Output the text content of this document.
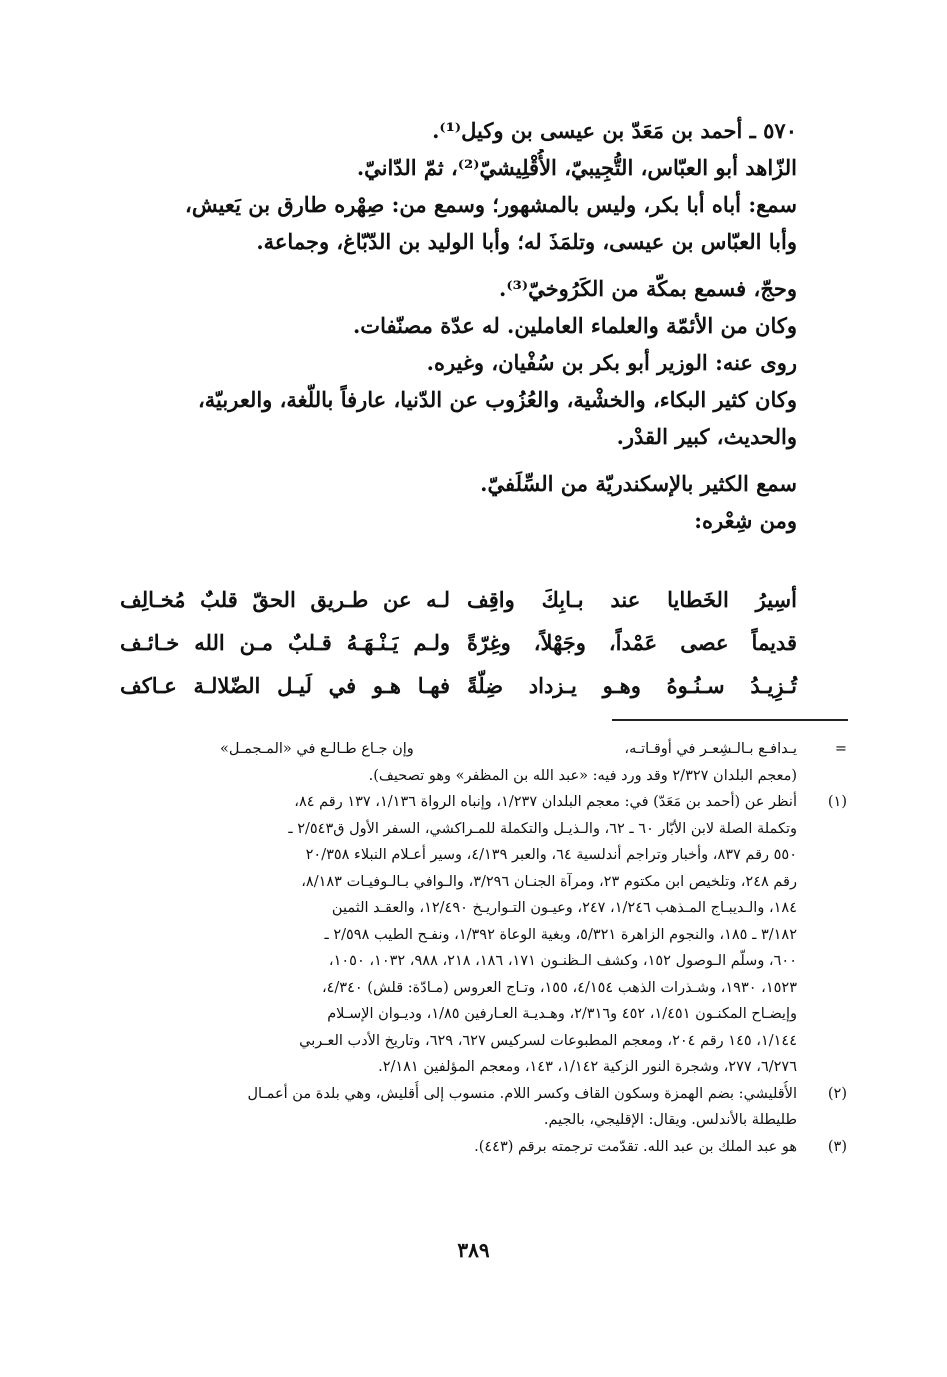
٥٧٠ ـ أحمد بن مَعَدّ بن عيسى بن وكيل⁽¹⁾.
الزّاهد أبو العبّاس، التُّجِيبيّ، الأُقْلِيشيّ⁽²⁾، ثمّ الدّانيّ.
سمع: أباه أبا بكر، وليس بالمشهور؛ وسمع من: صِهْره طارق بن يَعيش،
وأبا العبّاس بن عيسى، وتلمَذَ له؛ وأبا الوليد بن الدّبّاغ، وجماعة.
وحجّ، فسمع بمكّة من الكَرُوخيّ⁽³⁾.
وكان من الأئمّة والعلماء العاملين. له عدّة مصنّفات.
روى عنه: الوزير أبو بكر بن سُفْيان، وغيره.
وكان كثير البكاء، والخشْية، والعُزُوب عن الدّنيا، عارفاً باللّغة، والعربيّة،
والحديث، كبير القدْر.
سمع الكثير بالإسكندريّة من السِّلَفيّ.
ومن شِعْره:
أسِيرُ الخَطايا عند بـابِكَ واقِف
لـه عن طـريق الحقّ قلبٌ مُخـالِف
قديماً عصى عَمْداً، وجَهْلاً، وغِرّةً
ولـم يَـنْـهَـهُ قـلبٌ مـن الله خـائـف
تُـزِيـدُ سـنُـوهُ وهـو يـزداد ضِلّةً
فهـا هـو في لَيـل الضّلالـة عـاكف
=
يـدافـع بـالـشِعـر في أوقـاتـه،
وإن جـاع طـالـع في «المـجمـل»
(معجم البلدان ٢/٣٢٧ وقد ورد فيه: «عبد الله بن المظفر» وهو تصحيف).
(١)
أنظر عن (أحمد بن مَعَدّ) في: معجم البلدان ١/٢٣٧، وإنباه الرواة ١/١٣٦، ١٣٧ رقم ٨٤،
وتكملة الصلة لابن الأبّار ٦٠ ـ ٦٢، والـذيـل والتكملة للمـراكشي، السفر الأول ق٢/٥٤٣ ـ
٥٥٠ رقم ٨٣٧، وأخبار وتراجم أندلسية ٦٤، والعبر ٤/١٣٩، وسير أعـلام النبلاء ٢٠/٣٥٨
رقم ٢٤٨، وتلخيص ابن مكتوم ٢٣، ومرآة الجنـان ٣/٢٩٦، والـوافي بـالـوفيـات ٨/١٨٣،
١٨٤، والـديبـاج المـذهب ١/٢٤٦، ٢٤٧، وعيـون التـواريـخ ١٢/٤٩٠، والعقـد الثمين
٣/١٨٢ ـ ١٨٥، والنجوم الزاهرة ٥/٣٢١، وبغية الوعاة ١/٣٩٢، ونفـح الطيب ٢/٥٩٨ ـ
٦٠٠، وسلّم الـوصول ١٥٢، وكشف الـظنـون ١٧١، ١٨٦، ٢١٨، ٩٨٨، ١٠٣٢، ١٠٥٠،
١٥٢٣، ١٩٣٠، وشـذرات الذهب ٤/١٥٤، ١٥٥، وتـاج العروس (مـادّة: قلش) ٤/٣٤٠،
وإيضـاح المكنـون ١/٤٥١، ٤٥٢ و٢/٣١٦، وهـديـة العـارفين ١/٨٥، وديـوان الإسـلام
١/١٤٤، ١٤٥ رقم ٢٠٤، ومعجم المطبوعات لسركيس ٦٢٧، ٦٢٩، وتاريخ الأدب العـربي
٦/٢٧٦، ٢٧٧، وشجرة النور الزكية ١/١٤٢، ١٤٣، ومعجم المؤلفين ٢/١٨١.
(٢)
الأُقليشي: بضم الهمزة وسكون القاف وكسر اللام. منسوب إلى أُقليش، وهي بلدة من أعمـال
طليطلة بالأندلس. ويقال: الإقليجي، بالجيم.
(٣)
هو عبد الملك بن عبد الله. تقدّمت ترجمته برقم (٤٤٣).
٣٨٩
